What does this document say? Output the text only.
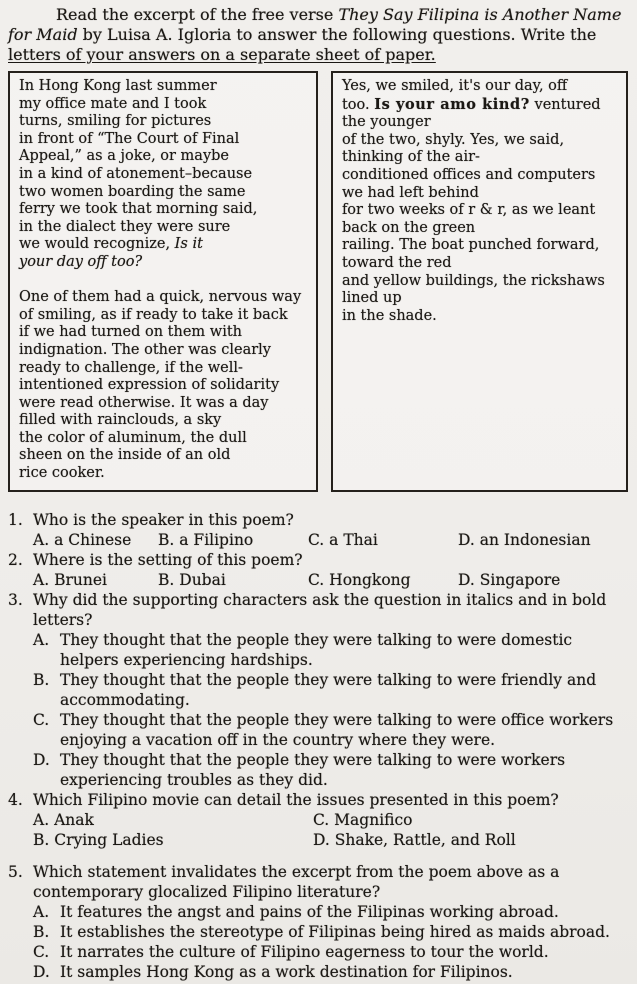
Read the excerpt of the free verse They Say Filipina is Another Name
for Maid by Luisa A. Igloria to answer the following questions. Write the
letters of your answers on a separate sheet of paper.
In Hong Kong last summer
my office mate and I took
turns, smiling for pictures
in front of “The Court of Final
Appeal,” as a joke, or maybe
in a kind of atonement–because
two women boarding the same
ferry we took that morning said,
in the dialect they were sure
we would recognize, Is it
your day off too?

One of them had a quick, nervous way
of smiling, as if ready to take it back
if we had turned on them with
indignation. The other was clearly
ready to challenge, if the well-
intentioned expression of solidarity
were read otherwise. It was a day
filled with rainclouds, a sky
the color of aluminum, the dull
sheen on the inside of an old
rice cooker.
Yes, we smiled, it's our day, off
too. Is your amo kind? ventured
the younger
of the two, shyly. Yes, we said,
thinking of the air-
conditioned offices and computers
we had left behind
for two weeks of r & r, as we leant
back on the green
railing. The boat punched forward,
toward the red
and yellow buildings, the rickshaws
lined up
in the shade.
1. Who is the speaker in this poem?
A. a Chinese	B. a Filipino	C. a Thai	D. an Indonesian
2. Where is the setting of this poem?
A. Brunei	B. Dubai	C. Hongkong	D. Singapore
3. Why did the supporting characters ask the question in italics and in bold
letters?
A. They thought that the people they were talking to were domestic
helpers experiencing hardships.
B. They thought that the people they were talking to were friendly and
accommodating.
C. They thought that the people they were talking to were office workers
enjoying a vacation off in the country where they were.
D. They thought that the people they were talking to were workers
experiencing troubles as they did.
4. Which Filipino movie can detail the issues presented in this poem?
A. Anak	C. Magnifico
B. Crying Ladies	D. Shake, Rattle, and Roll
5. Which statement invalidates the excerpt from the poem above as a
contemporary glocalized Filipino literature?
A. It features the angst and pains of the Filipinas working abroad.
B. It establishes the stereotype of Filipinas being hired as maids abroad.
C. It narrates the culture of Filipino eagerness to tour the world.
D. It samples Hong Kong as a work destination for Filipinos.
